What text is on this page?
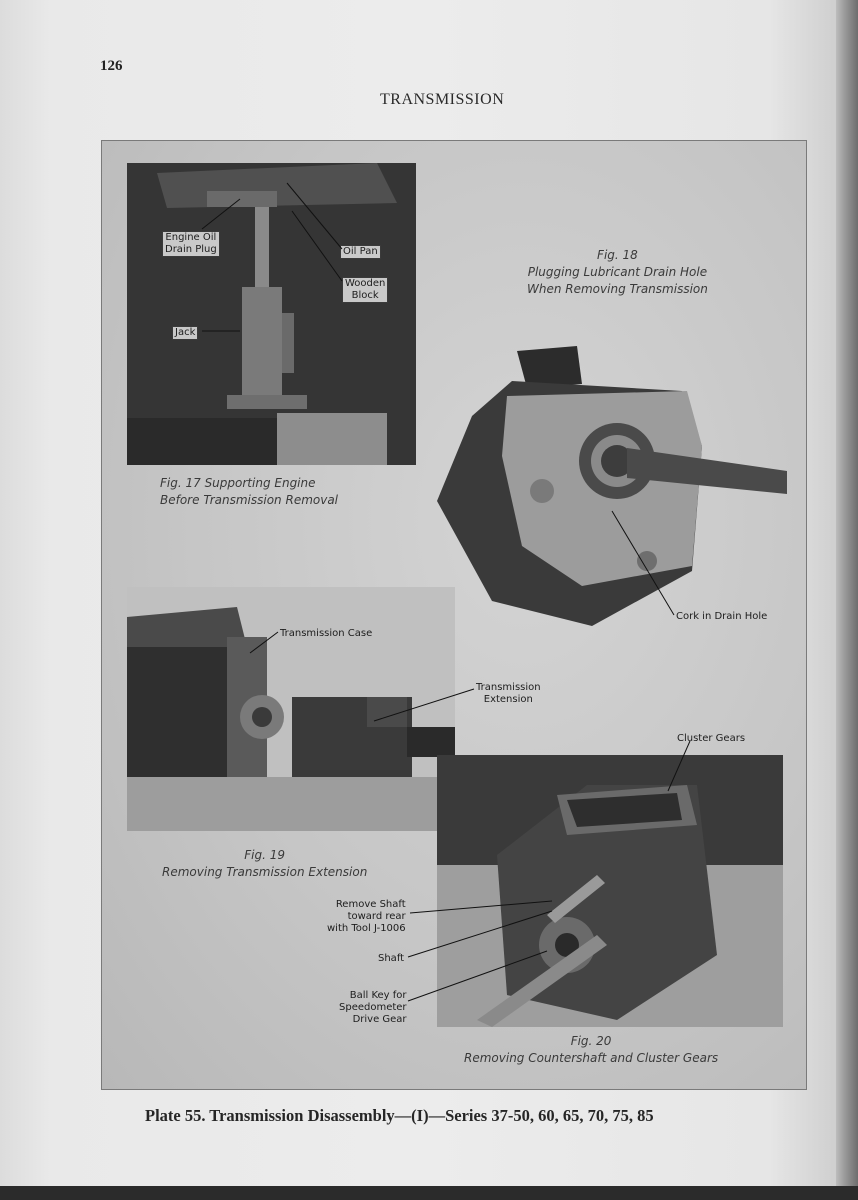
126
TRANSMISSION
Engine Oil
Drain Plug	Oil Pan
Wooden
Block
Jack
Fig. 17 Supporting Engine
Before Transmission Removal
Fig. 18
Plugging Lubricant Drain Hole
When Removing Transmission
Cork in Drain Hole
Transmission Case
Transmission
Extension
Fig. 19
Removing Transmission Extension
Cluster Gears
Remove Shaft
toward rear
with Tool J-1006
Shaft
Ball Key for
Speedometer
Drive Gear
Fig. 20
Removing Countershaft and Cluster Gears
Plate 55. Transmission Disassembly—(I)—Series 37-50, 60, 65, 70, 75, 85
